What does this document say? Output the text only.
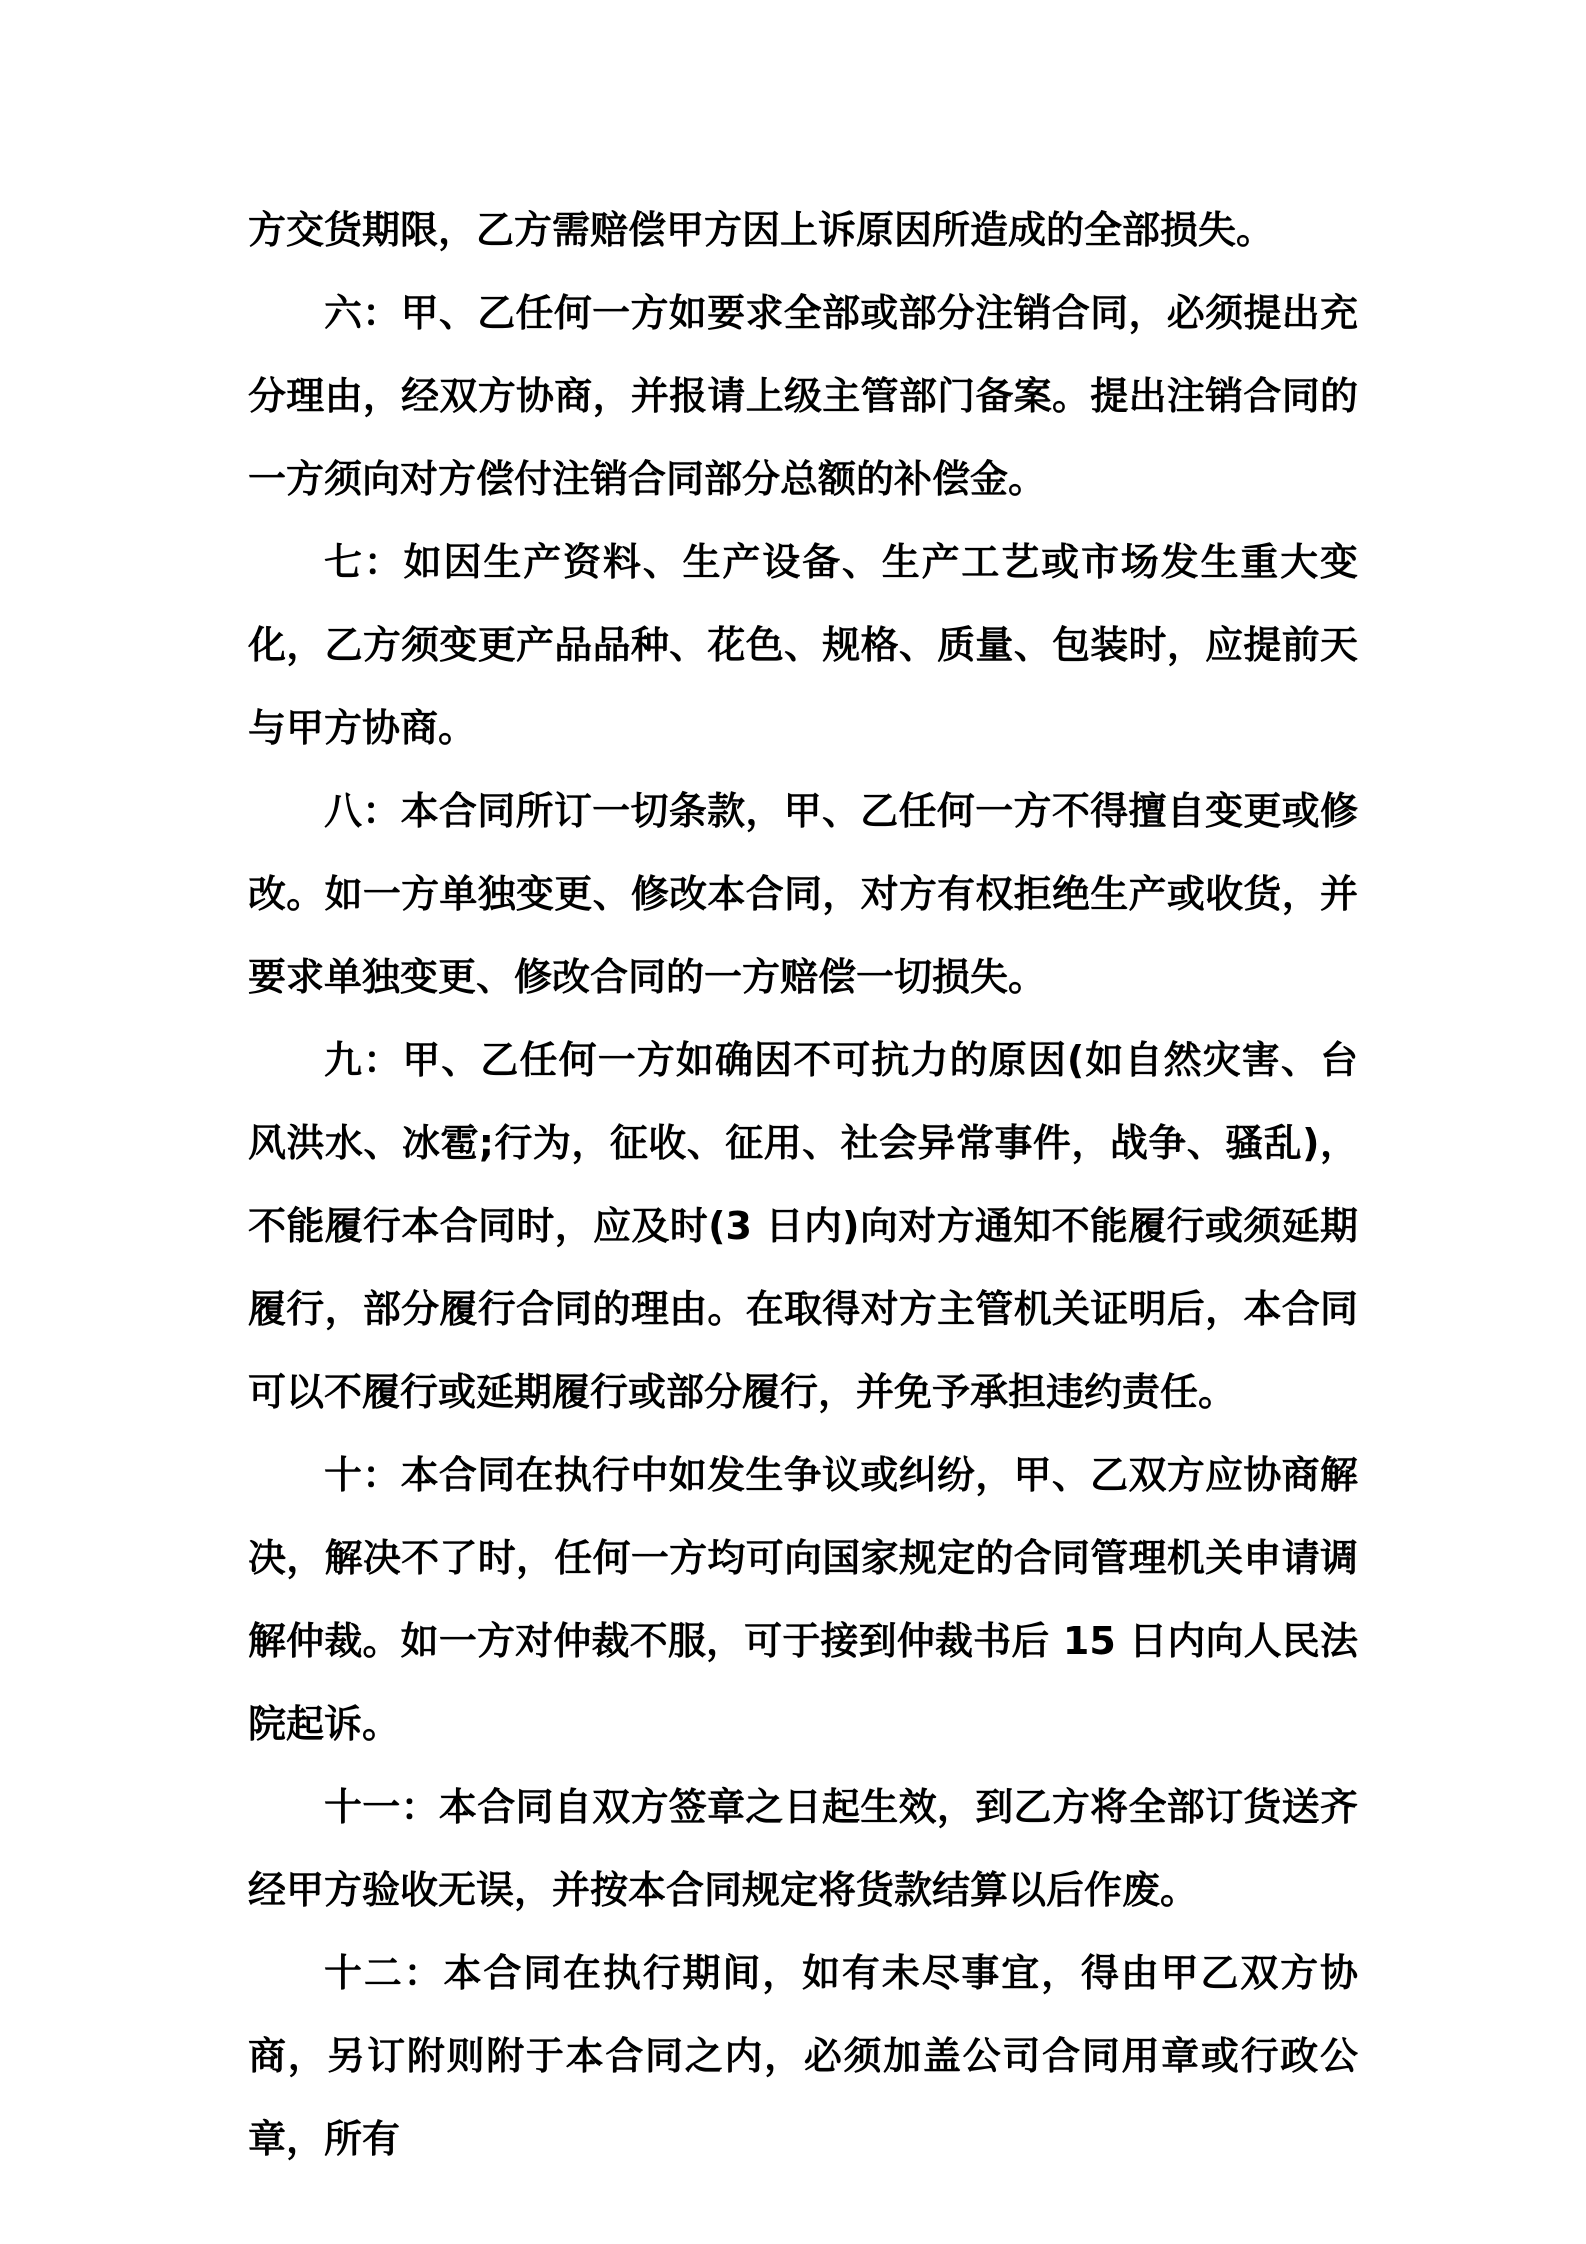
方交货期限，乙方需赔偿甲方因上诉原因所造成的全部损失。

六：甲、乙任何一方如要求全部或部分注销合同，必须提出充分理由，经双方协商，并报请上级主管部门备案。提出注销合同的一方须向对方偿付注销合同部分总额的补偿金。

七：如因生产资料、生产设备、生产工艺或市场发生重大变化，乙方须变更产品品种、花色、规格、质量、包装时，应提前天与甲方协商。

八：本合同所订一切条款，甲、乙任何一方不得擅自变更或修改。如一方单独变更、修改本合同，对方有权拒绝生产或收货，并要求单独变更、修改合同的一方赔偿一切损失。

九：甲、乙任何一方如确因不可抗力的原因(如自然灾害、台风洪水、冰雹;行为，征收、征用、社会异常事件，战争、骚乱)，不能履行本合同时，应及时(3 日内)向对方通知不能履行或须延期履行，部分履行合同的理由。在取得对方主管机关证明后，本合同可以不履行或延期履行或部分履行，并免予承担违约责任。

十：本合同在执行中如发生争议或纠纷，甲、乙双方应协商解决，解决不了时，任何一方均可向国家规定的合同管理机关申请调解仲裁。如一方对仲裁不服，可于接到仲裁书后 15 日内向人民法院起诉。

十一：本合同自双方签章之日起生效，到乙方将全部订货送齐经甲方验收无误，并按本合同规定将货款结算以后作废。

十二：本合同在执行期间，如有未尽事宜，得由甲乙双方协商，另订附则附于本合同之内，必须加盖公司合同用章或行政公章，所有
